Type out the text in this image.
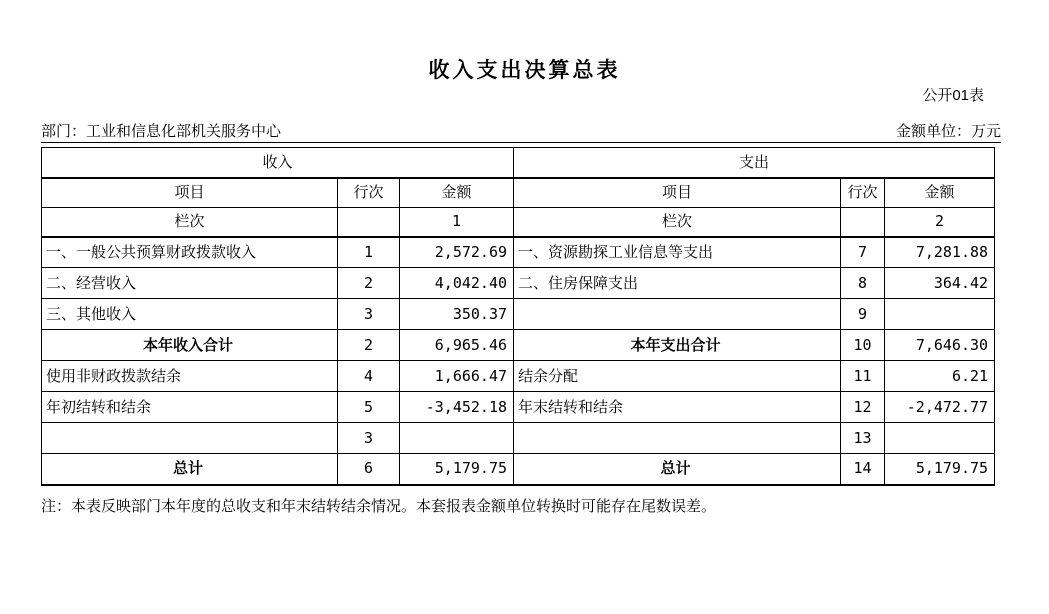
收入支出决算总表
公开01表
部门：工业和信息化部机关服务中心	金额单位：万元
收入			支出		
项目	行次	金额	项目	行次	金额
栏次		1	栏次		2
一、一般公共预算财政拨款收入	1	2,572.69	一、资源勘探工业信息等支出	7	7,281.88
二、经营收入	2	4,042.40	二、住房保障支出	8	364.42
三、其他收入	3	350.37		9	
本年收入合计	2	6,965.46	本年支出合计	10	7,646.30
使用非财政拨款结余	4	1,666.47	结余分配	11	6.21
年初结转和结余	5	-3,452.18	年末结转和结余	12	-2,472.77
	3			13	
总计	6	5,179.75	总计	14	5,179.75
注：本表反映部门本年度的总收支和年末结转结余情况。本套报表金额单位转换时可能存在尾数误差。
